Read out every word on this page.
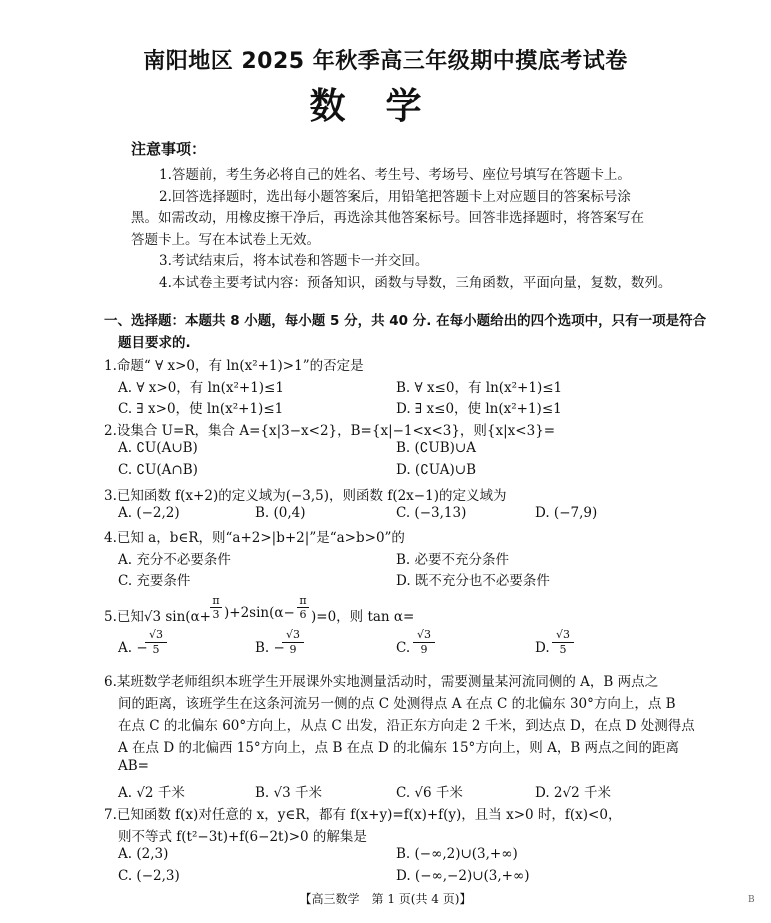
南阳地区 2025 年秋季高三年级期中摸底考试卷
数学
注意事项：
1.答题前，考生务必将自己的姓名、考生号、考场号、座位号填写在答题卡上。
2.回答选择题时，选出每小题答案后，用铅笔把答题卡上对应题目的答案标号涂
黑。如需改动，用橡皮擦干净后，再选涂其他答案标号。回答非选择题时，将答案写在
答题卡上。写在本试卷上无效。
3.考试结束后，将本试卷和答题卡一并交回。
4.本试卷主要考试内容：预备知识，函数与导数，三角函数，平面向量，复数，数列。
一、选择题：本题共 8 小题，每小题 5 分，共 40 分. 在每小题给出的四个选项中，只有一项是符合
题目要求的.
1.命题“ ∀ x>0，有 ln(x²+1)>1”的否定是
A. ∀ x>0，有 ln(x²+1)≤1	B. ∀ x≤0，有 ln(x²+1)≤1
C. ∃ x>0，使 ln(x²+1)≤1	D. ∃ x≤0，使 ln(x²+1)≤1
2.设集合 U=R，集合 A={x|3−x<2}，B={x|−1<x<3}，则{x|x<3}=
A. ∁U(A∪B)	B. (∁UB)∪A
C. ∁U(A∩B)	D. (∁UA)∪B
3.已知函数 f(x+2)的定义域为(−3,5)，则函数 f(2x−1)的定义域为
A. (−2,2)	B. (0,4)	C. (−3,13)	D. (−7,9)
4.已知 a，b∈R，则“a+2>|b+2|”是“a>b>0”的
A. 充分不必要条件	B. 必要不充分条件
C. 充要条件	D. 既不充分也不必要条件
5.已知√3 $\sin(\alpha+ \frac{\pi}{3} )+2\sin(\alpha- \frac{\pi}{6} )=0$，则 tan α=
A. −
$\frac{√3}{5}$	B. −
$\frac{√3}{9}$	C. $\frac{√3}{9}$	D. $\frac{√3}{5}$
6.某班数学老师组织本班学生开展课外实地测量活动时，需要测量某河流同侧的 A，B 两点之
间的距离，该班学生在这条河流另一侧的点 C 处测得点 A 在点 C 的北偏东 30°方向上，点 B
在点 C 的北偏东 60°方向上，从点 C 出发，沿正东方向走 2 千米，到达点 D，在点 D 处测得点
A 在点 D 的北偏西 15°方向上，点 B 在点 D 的北偏东 15°方向上，则 A，B 两点之间的距离
AB=
A. √2 千米	B. √3 千米	C. √6 千米	D. 2√2 千米
7.已知函数 f(x)对任意的 x，y∈R，都有 f(x+y)=f(x)+f(y)，且当 x>0 时，f(x)<0，
则不等式 f(t²−3t)+f(6−2t)>0 的解集是
A. (2,3)	B. (−∞,2)∪(3,+∞)
C. (−2,3)	D. (−∞,−2)∪(3,+∞)
【高三数学　第 1 页(共 4 页)】	B
